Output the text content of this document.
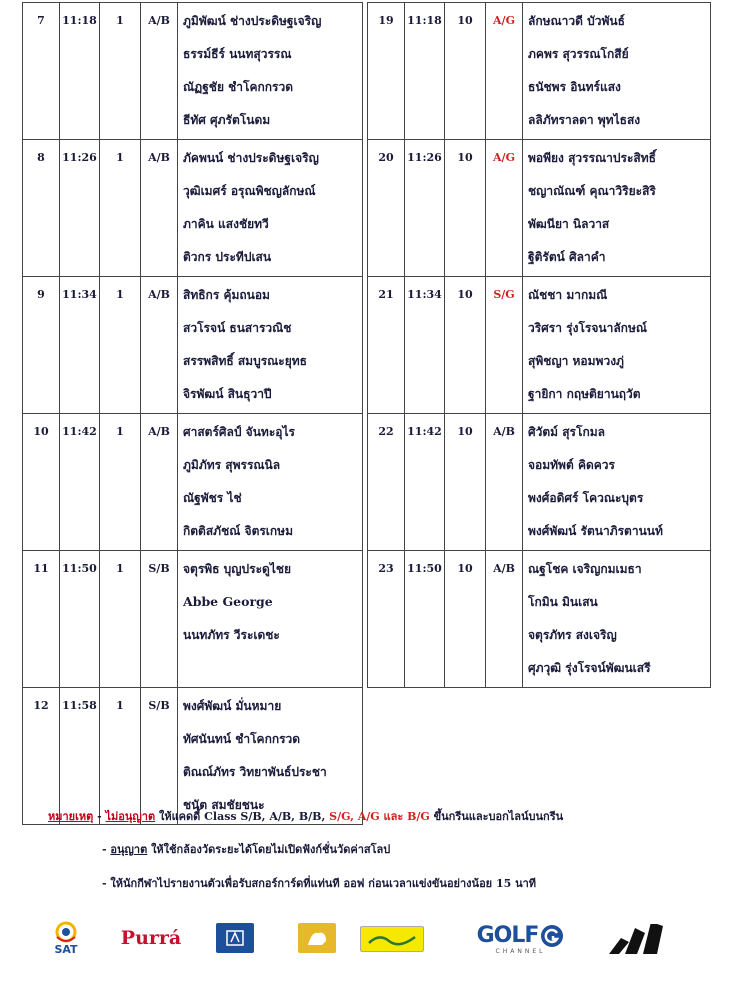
7	11:18	1	A/B	ภูมิพัฒน์ ช่างประดิษฐเจริญ
ธรรม์ธีร์ นนทสุวรรณ
ณัฏฐชัย ชำโคกกรวด
ธีทัศ ศุภรัตโนดม

8	11:26	1	A/B	ภัคพนน์ ช่างประดิษฐเจริญ
วุฒิเมศร์ อรุณพิชญลักษณ์
ภาคิน แสงชัยทวี
ติวกร ประทีปเสน

9	11:34	1	A/B	สิทธิกร คุ้มถนอม
สวโรจน์ ธนสารวณิช
สรรพสิทธิ์ สมบูรณะยุทธ
จิรพัฒน์ สินธุวาปี

10	11:42	1	A/B	ศาสตร์ศิลป์ จันทะอุไร
ภูมิภัทร สุพรรณนิล
ณัฐพัชร ไช่
กิตติสภัชณ์ จิตรเกษม

11	11:50	1	S/B	จตุรพิธ บุญประดูไชย
Abbe George
นนทภัทร วีระเดชะ

12	11:58	1	S/B	พงศ์พัฒน์ มั่นหมาย
ทัศนันทน์ ชำโคกกรวด
ติณณ์ภัทร วิทยาพันธ์ประชา
ชนัต สมชัยชนะ
19	11:18	10	A/G	ลักษณาวดี บัวพันธ์
ภคพร สุวรรณโกสีย์
ธนัชพร อินทร์แสง
ลลิภัทราลดา พุทไธสง

20	11:26	10	A/G	พอพียง สุวรรณาประสิทธิ์
ชญาณัณฑ์ คุณาวิริยะสิริ
พัฒนียา นิลวาส
ฐิติรัตน์ ศิลาคำ

21	11:34	10	S/G	ณัชชา มากมณี
วริศรา รุ่งโรจนาลักษณ์
สุพิชญา หอมพวงภู่
ฐายิกา กฤษติยานฤวัต

22	11:42	10	A/B	ศิวัตม์ สุรโกมล
จอมทัพต์ คิดควร
พงศ์อดิศร์ โควณะบุตร
พงศ์พัฒน์ รัตนาภิรตานนท์

23	11:50	10	A/B	ณฐโชค เจริญกมเมธา
โกมิน มินเสน
จตุรภัทร สงเจริญ
ศุภวุฒิ รุ่งโรจน์พัฒนเสรี
หมายเหตุ - ไม่อนุญาต ให้แคดดี้ Class S/B, A/B, B/B, S/G, A/G และ B/G ขึ้นกรีนและบอกไลน์บนกรีน
- อนุญาต ให้ใช้กล้องวัดระยะได้โดยไม่เปิดฟังก์ชั่นวัดค่าสโลป
- ให้นักกีฬาไปรายงานตัวเพื่อรับสกอร์การ์ดที่แท่นที ออฟ ก่อนเวลาแข่งขันอย่างน้อย 15 นาที
SAT Purrá	GOLF
CHANNEL
